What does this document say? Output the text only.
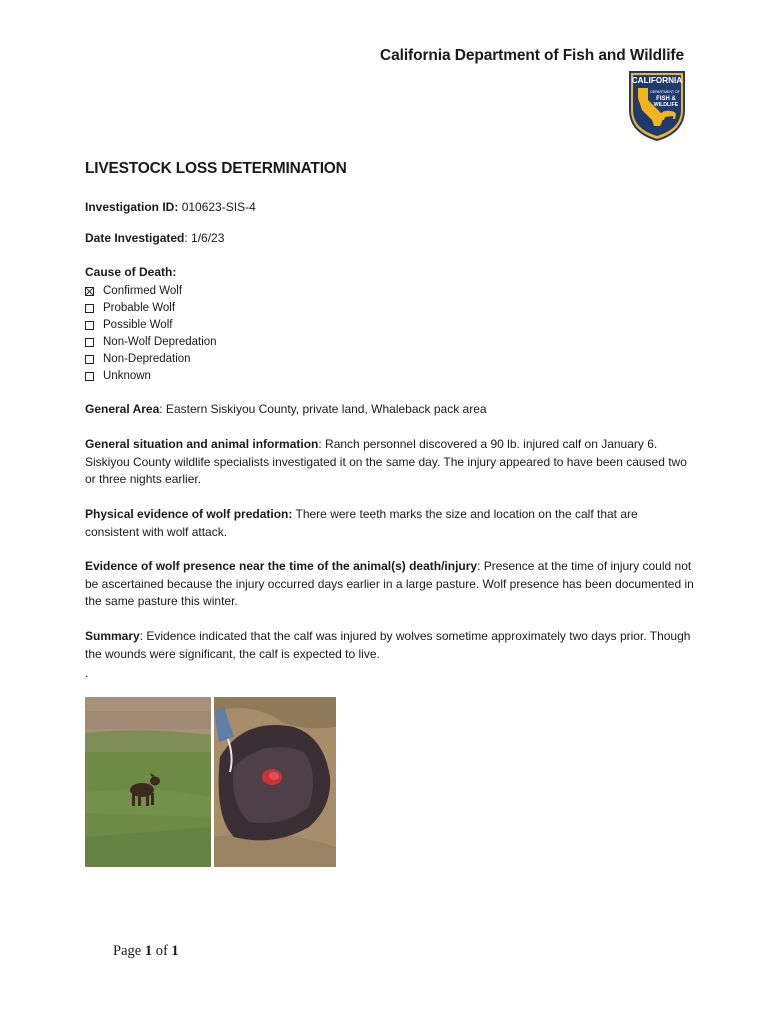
California Department of Fish and Wildlife
CALIFORNIA
DEPARTMENT OF
FISH &
WILDLIFE
LIVESTOCK LOSS DETERMINATION
Investigation ID: 010623-SIS-4
Date Investigated: 1/6/23
Cause of Death:
Confirmed Wolf
Probable Wolf
Possible Wolf
Non-Wolf Depredation
Non-Depredation
Unknown
General Area: Eastern Siskiyou County, private land, Whaleback pack area
General situation and animal information: Ranch personnel discovered a 90 lb. injured calf on January 6. Siskiyou County wildlife specialists investigated it on the same day. The injury appeared to have been caused two or three nights earlier.
Physical evidence of wolf predation: There were teeth marks the size and location on the calf that are consistent with wolf attack.
Evidence of wolf presence near the time of the animal(s) death/injury: Presence at the time of injury could not be ascertained because the injury occurred days earlier in a large pasture. Wolf presence has been documented in the same pasture this winter.
Summary: Evidence indicated that the calf was injured by wolves sometime approximately two days prior. Though the wounds were significant, the calf is expected to live.
.
Page 1 of 1
